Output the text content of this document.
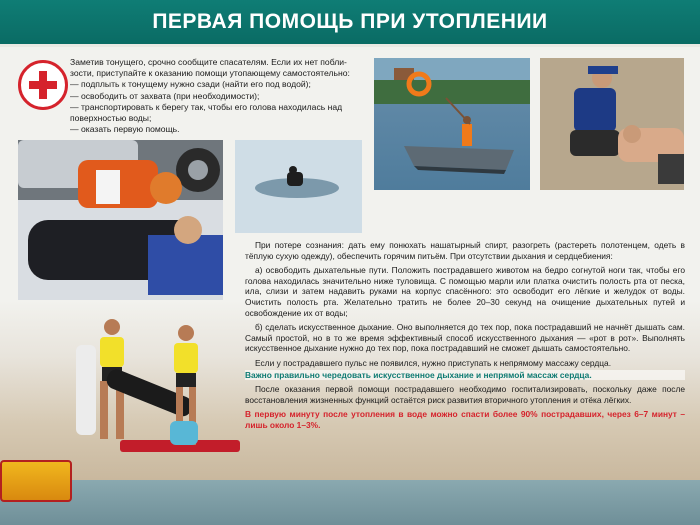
ПЕРВАЯ ПОМОЩЬ ПРИ УТОПЛЕНИИ

Заметив тонущего, срочно сообщите спасателям. Если их нет побли-

зости, приступайте к оказанию помощи утопающему самостоятельно:

— подплыть к тонущему нужно сзади (найти его под водой);

— освободить от захвата (при необходимости);

— транспортировать к берегу так, чтобы его голова находилась над

поверхностью воды;

— оказать первую помощь.

При потере сознания: дать ему понюхать нашатырный спирт, разогреть (растереть полотенцем, одеть в тёплую сухую одежду), обеспечить горячим питьём. При отсутствии дыхания и сердцебиения:

а) освободить дыхательные пути. Положить пострадавшего животом на бедро согнутой ноги так, чтобы его голова находилась значительно ниже туловища. С помощью марли или платка очистить полость рта от песка, ила, слизи и затем надавить руками на корпус спасённого: это освободит его лёгкие и желудок от воды. Очистить полость рта. Желательно тратить не более 20–30 секунд на очищение дыхательных путей и освобождение их от воды;

б) сделать искусственное дыхание. Оно выполняется до тех пор, пока пострадавший не начнёт дышать сам. Самый простой, но в то же время эффективный способ искусственного дыхания — «рот в рот». Выполнять искусственное дыхание нужно до тех пор, пока пострадавший не сможет дышать самостоятельно.

Если у пострадавшего пульс не появился, нужно приступать к непрямому массажу сердца.

Важно правильно чередовать искусственное дыхание и непрямой массаж сердца.

После оказания первой помощи пострадавшего необходимо госпитализировать, поскольку даже после восстановления жизненных функций остаётся риск развития вторичного утопления и отёка лёгких.

В первую минуту после утопления в воде можно спасти более 90% пострадавших, через 6–7 минут – лишь около 1–3%.
